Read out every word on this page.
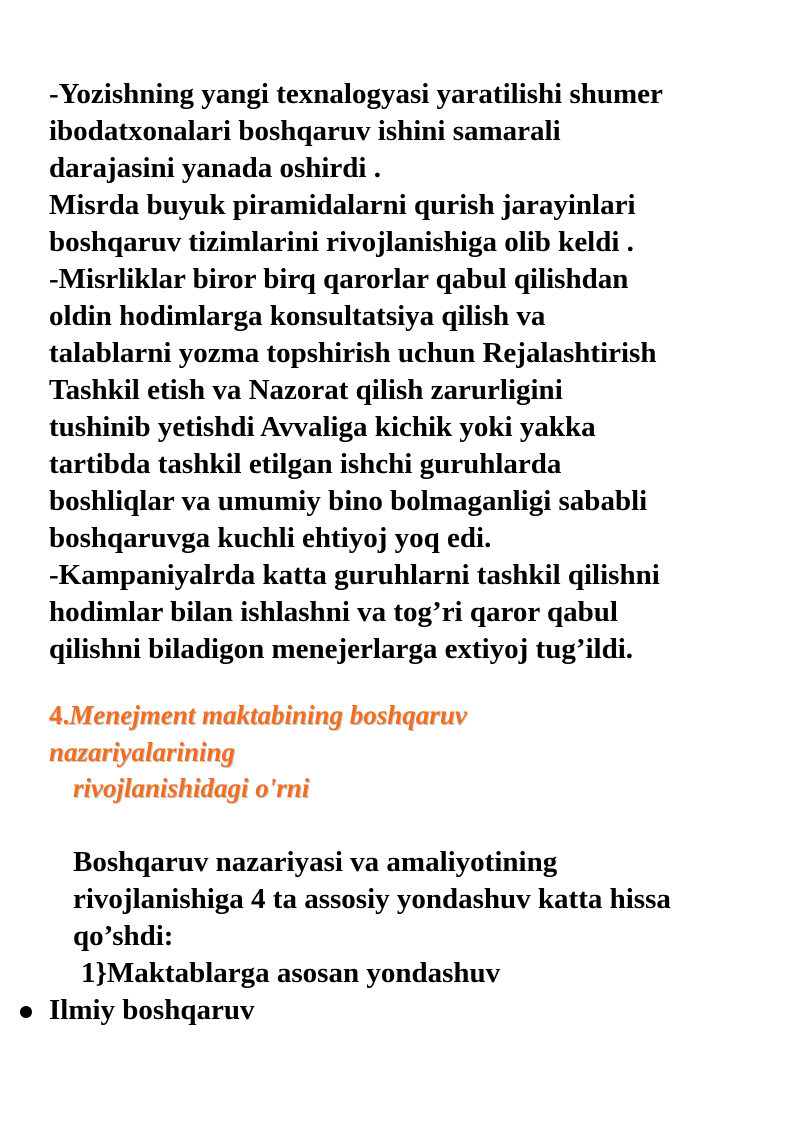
-Yozishning yangi texnalogyasi yaratilishi shumer
ibodatxonalari boshqaruv ishini samarali
darajasini yanada oshirdi .
Misrda buyuk piramidalarni qurish jarayinlari
boshqaruv tizimlarini rivojlanishiga olib keldi .
-Misrliklar biror birq qarorlar qabul qilishdan
oldin hodimlarga konsultatsiya qilish va
talablarni yozma topshirish uchun Rejalashtirish
Tashkil etish va Nazorat qilish zarurligini
tushinib yetishdi Avvaliga kichik yoki yakka
tartibda tashkil etilgan ishchi guruhlarda
boshliqlar va umumiy bino bolmaganligi sababli
boshqaruvga kuchli ehtiyoj yoq edi.
-Kampaniyalrda katta guruhlarni tashkil qilishni
hodimlar bilan ishlashni va tog’ri qaror qabul
qilishni biladigon menejerlarga extiyoj tug’ildi.
4.Menejment maktabining boshqaruv
nazariyalarining
rivojlanishidagi o'rni
Boshqaruv nazariyasi va amaliyotining
rivojlanishiga 4 ta assosiy yondashuv katta hissa
qo’shdi:
1}Maktablarga asosan yondashuv
Ilmiy boshqaruv
